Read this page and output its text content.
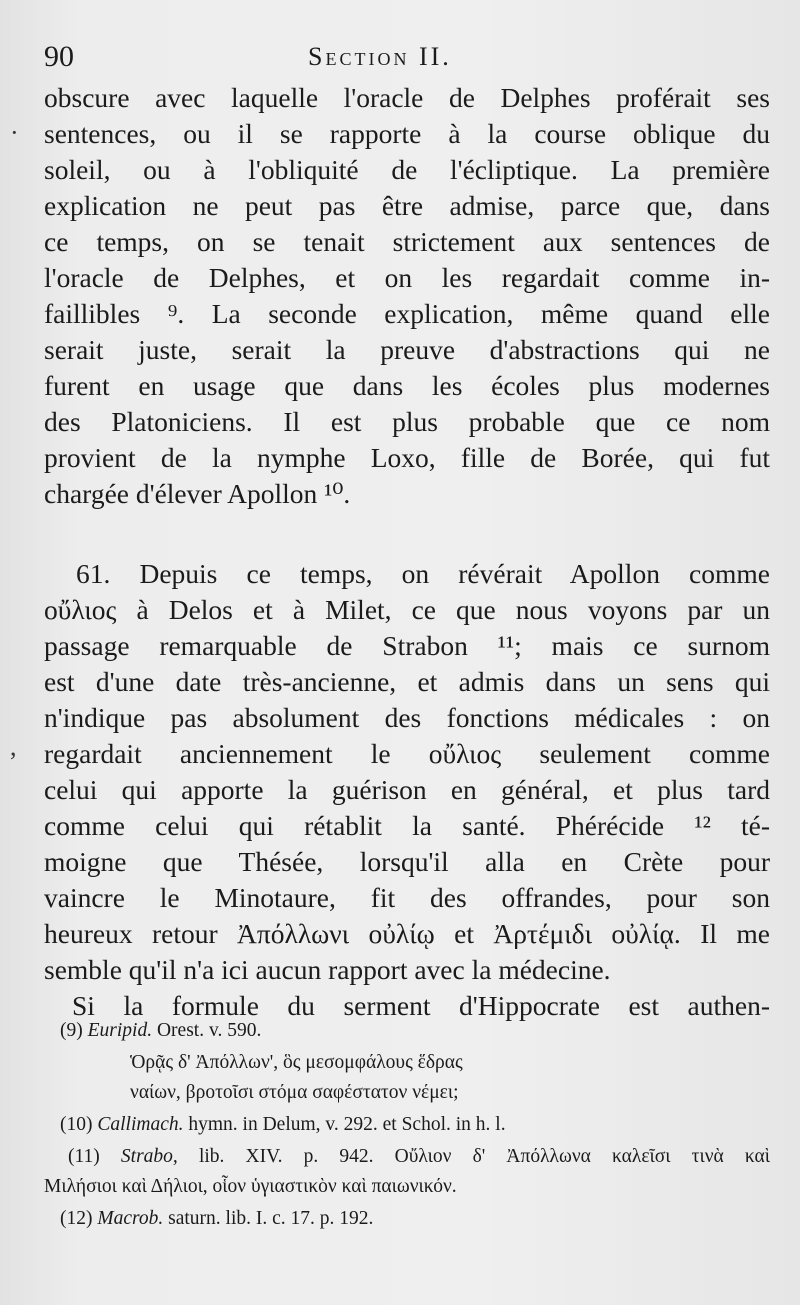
90	Section II.
obscure avec laquelle l'oracle de Delphes proférait ses
sentences, ou il se rapporte à la course oblique du
soleil, ou à l'obliquité de l'écliptique. La première
explication ne peut pas être admise, parce que, dans
ce temps, on se tenait strictement aux sentences de
l'oracle de Delphes, et on les regardait comme in-
faillibles ⁹. La seconde explication, même quand elle
serait juste, serait la preuve d'abstractions qui ne
furent en usage que dans les écoles plus modernes
des Platoniciens. Il est plus probable que ce nom
provient de la nymphe Loxo, fille de Borée, qui fut
chargée d'élever Apollon ¹⁰.
61. Depuis ce temps, on révérait Apollon comme
οὔλιος à Delos et à Milet, ce que nous voyons par un
passage remarquable de Strabon ¹¹; mais ce surnom
est d'une date très-ancienne, et admis dans un sens qui
n'indique pas absolument des fonctions médicales : on
regardait anciennement le οὔλιος seulement comme
celui qui apporte la guérison en général, et plus tard
comme celui qui rétablit la santé. Phérécide ¹² té-
moigne que Thésée, lorsqu'il alla en Crète pour
vaincre le Minotaure, fit des offrandes, pour son
heureux retour Ἀπόλλωνι οὐλίῳ et Ἀρτέμιδι οὐλίᾳ. Il me
semble qu'il n'a ici aucun rapport avec la médecine.
Si la formule du serment d'Hippocrate est authen-
(9) Euripid. Orest. v. 590.
Ὁρᾷς δ' Ἀπόλλων', ὃς μεσομφάλους ἕδρας
ναίων, βροτοῖσι στόμα σαφέστατον νέμει;
(10) Callimach. hymn. in Delum, v. 292. et Schol. in h. l.
(11) Strabo, lib. XIV. p. 942. Οὔλιον δ' Ἀπόλλωνα καλεῖσι τινὰ καὶ
Μιλήσιοι καὶ Δήλιοι, οἷον ὑγιαστικὸν καὶ παιωνικόν.
(12) Macrob. saturn. lib. I. c. 17. p. 192.
·
,
